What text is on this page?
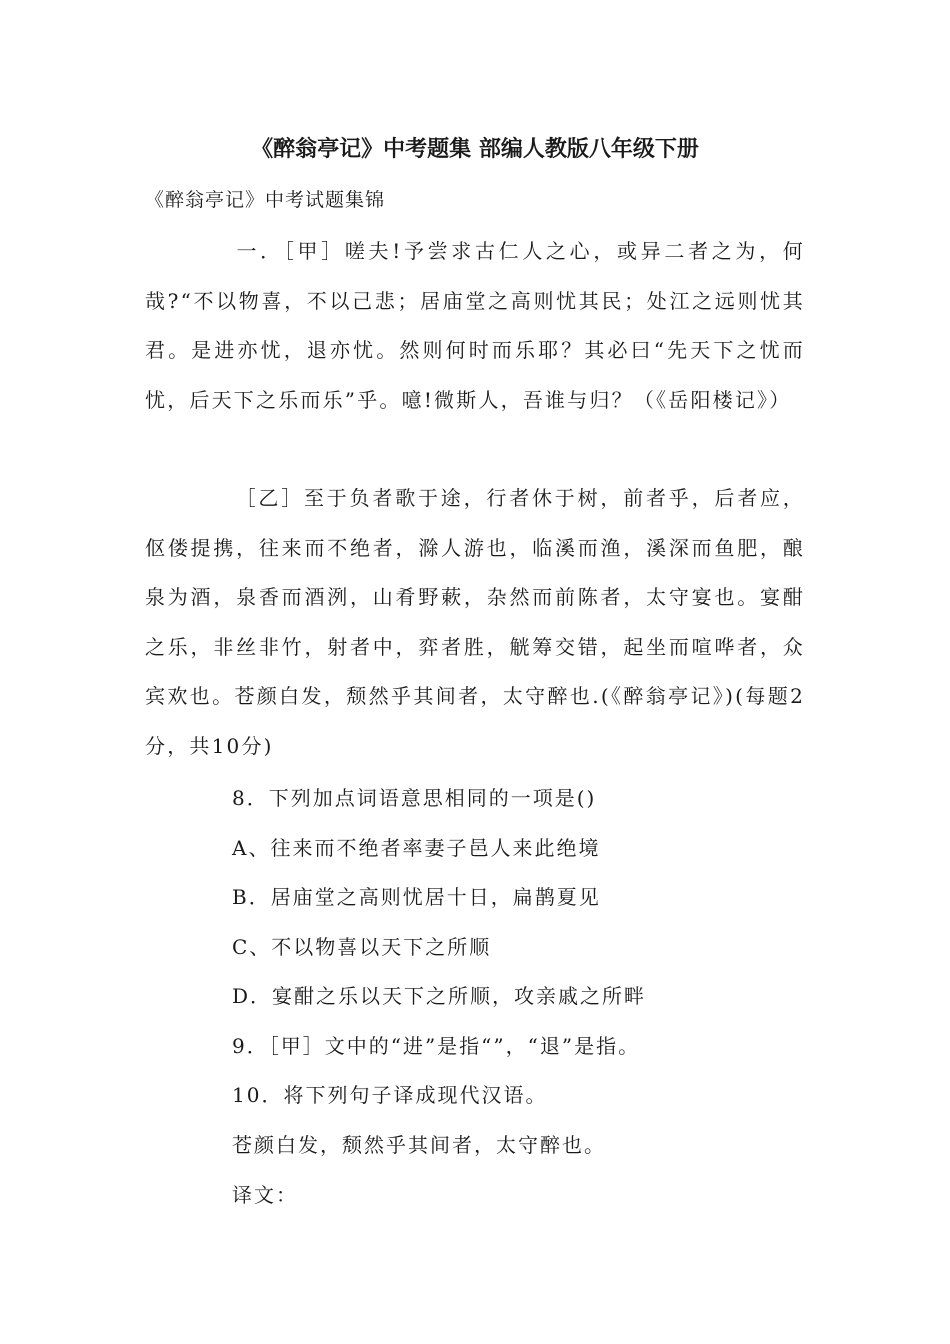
《醉翁亭记》中考题集 部编人教版八年级下册
《醉翁亭记》中考试题集锦
一．［甲］嗟夫!予尝求古仁人之心，或异二者之为，何哉?“不以物喜，不以己悲；居庙堂之高则忧其民；处江之远则忧其君。是进亦忧，退亦忧。然则何时而乐耶？其必曰“先天下之忧而忧，后天下之乐而乐”乎。噫!微斯人，吾谁与归？（《岳阳楼记》）
［乙］至于负者歌于途，行者休于树，前者乎，后者应，伛偻提携，往来而不绝者，滁人游也，临溪而渔，溪深而鱼肥，酿泉为酒，泉香而酒洌，山肴野蔌，杂然而前陈者，太守宴也。宴酣之乐，非丝非竹，射者中，弈者胜，觥筹交错，起坐而喧哗者，众宾欢也。苍颜白发，颓然乎其间者，太守醉也.(《醉翁亭记》)(每题2分，共10分)
8．下列加点词语意思相同的一项是()
A、往来而不绝者率妻子邑人来此绝境
B．居庙堂之高则忧居十日，扁鹊夏见
C、不以物喜以天下之所顺
D．宴酣之乐以天下之所顺，攻亲戚之所畔
9．［甲］文中的“进”是指“”，“退”是指。
10．将下列句子译成现代汉语。
苍颜白发，颓然乎其间者，太守醉也。
译文：
